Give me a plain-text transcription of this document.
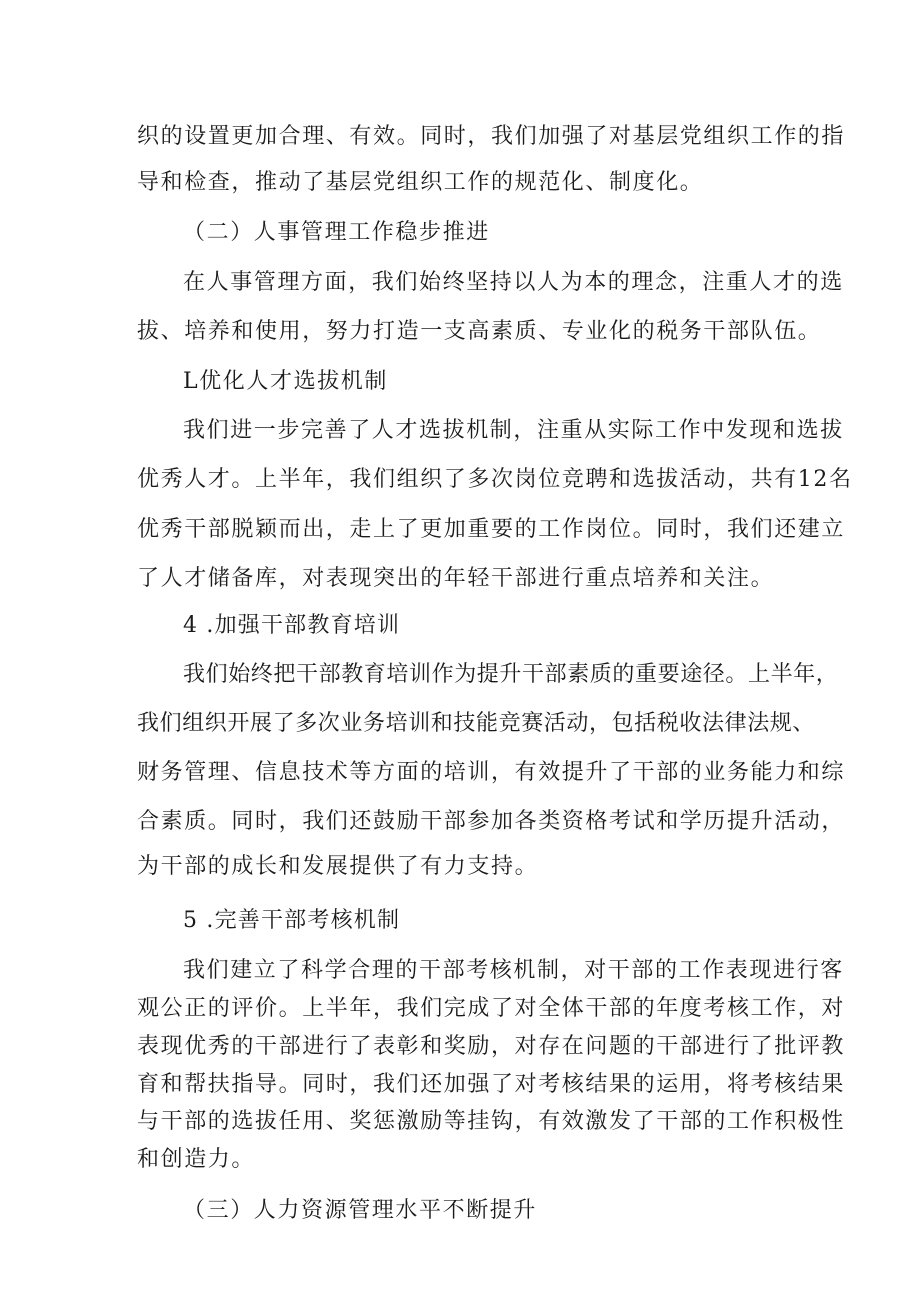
织的设置更加合理、有效。同时，我们加强了对基层党组织工作的指
导和检查，推动了基层党组织工作的规范化、制度化。
（二）人事管理工作稳步推进
在人事管理方面，我们始终坚持以人为本的理念，注重人才的选
拔、培养和使用，努力打造一支高素质、专业化的税务干部队伍。
L优化人才选拔机制
我们进一步完善了人才选拔机制，注重从实际工作中发现和选拔
优秀人才。上半年，我们组织了多次岗位竞聘和选拔活动，共有12名
优秀干部脱颖而出，走上了更加重要的工作岗位。同时，我们还建立
了人才储备库，对表现突出的年轻干部进行重点培养和关注。
4 .加强干部教育培训
我们始终把干部教育培训作为提升干部素质的重要途径。上半年，
我们组织开展了多次业务培训和技能竞赛活动，包括税收法律法规、
财务管理、信息技术等方面的培训，有效提升了干部的业务能力和综
合素质。同时，我们还鼓励干部参加各类资格考试和学历提升活动，
为干部的成长和发展提供了有力支持。
5 .完善干部考核机制
我们建立了科学合理的干部考核机制，对干部的工作表现进行客
观公正的评价。上半年，我们完成了对全体干部的年度考核工作，对
表现优秀的干部进行了表彰和奖励，对存在问题的干部进行了批评教
育和帮扶指导。同时，我们还加强了对考核结果的运用，将考核结果
与干部的选拔任用、奖惩激励等挂钩，有效激发了干部的工作积极性
和创造力。
（三）人力资源管理水平不断提升
